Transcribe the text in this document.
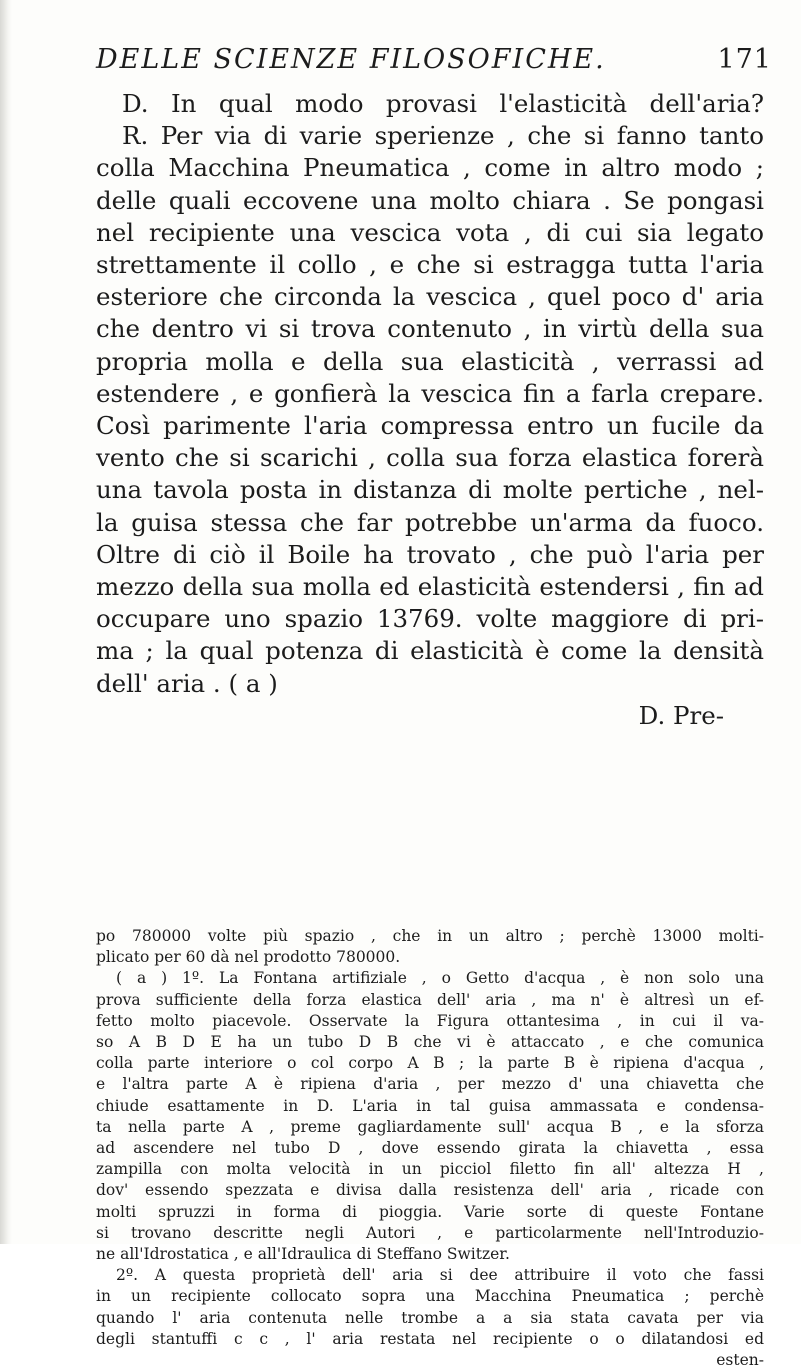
DELLE SCIENZE FILOSOFICHE.	171
D. In qual modo provasi l'elasticità dell'aria?
R. Per via di varie sperienze , che si fanno tanto
colla Macchina Pneumatica , come in altro modo ;
delle quali eccovene una molto chiara . Se pongasi
nel recipiente una vescica vota , di cui sia legato
strettamente il collo , e che si estragga tutta l'aria
esteriore che circonda la vescica , quel poco d' aria
che dentro vi si trova contenuto , in virtù della sua
propria molla e della sua elasticità , verrassi ad
estendere , e gonfierà la vescica fin a farla crepare.
Così parimente l'aria compressa entro un fucile da
vento che si scarichi , colla sua forza elastica forerà
una tavola posta in distanza di molte pertiche , nel-
la guisa stessa che far potrebbe un'arma da fuoco.
Oltre di ciò il Boile ha trovato , che può l'aria per
mezzo della sua molla ed elasticità estendersi , fin ad
occupare uno spazio 13769. volte maggiore di pri-
ma ; la qual potenza di elasticità è come la densità
dell' aria . ( a )
D. Pre-
po 780000 volte più spazio , che in un altro ; perchè 13000 molti-
plicato per 60 dà nel prodotto 780000.
( a ) 1º. La Fontana artifiziale , o Getto d'acqua , è non solo una
prova sufficiente della forza elastica dell' aria , ma n' è altresì un ef-
fetto molto piacevole. Osservate la Figura ottantesima , in cui il va-
so A B D E ha un tubo D B che vi è attaccato , e che comunica
colla parte interiore o col corpo A B ; la parte B è ripiena d'acqua ,
e l'altra parte A è ripiena d'aria , per mezzo d' una chiavetta che
chiude esattamente in D. L'aria in tal guisa ammassata e condensa-
ta nella parte A , preme gagliardamente sull' acqua B , e la sforza
ad ascendere nel tubo D , dove essendo girata la chiavetta , essa
zampilla con molta velocità in un picciol filetto fin all' altezza H ,
dov' essendo spezzata e divisa dalla resistenza dell' aria , ricade con
molti spruzzi in forma di pioggia. Varie sorte di queste Fontane
si trovano descritte negli Autori , e particolarmente nell'Introduzio-
ne all'Idrostatica , e all'Idraulica di Steffano Switzer.
2º. A questa proprietà dell' aria si dee attribuire il voto che fassi
in un recipiente collocato sopra una Macchina Pneumatica ; perchè
quando l' aria contenuta nelle trombe a a sia stata cavata per via
degli stantuffi c c , l' aria restata nel recipiente o o dilatandosi ed
esten-
